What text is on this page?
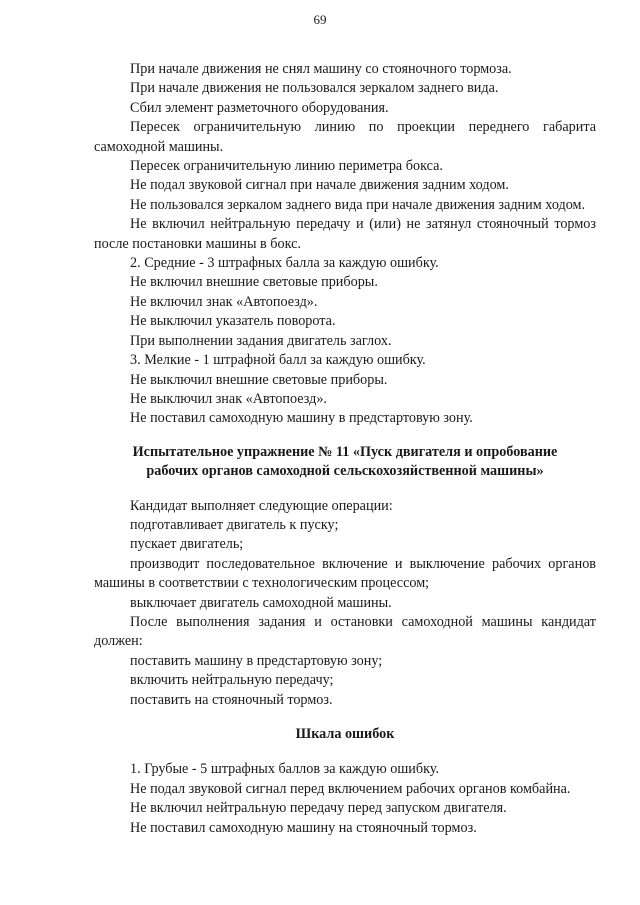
69

При начале движения не снял машину со стояночного тормоза.

При начале движения не пользовался зеркалом заднего вида.

Сбил элемент разметочного оборудования.

Пересек ограничительную линию по проекции переднего габарита самоходной машины.

Пересек ограничительную линию периметра бокса.

Не подал звуковой сигнал при начале движения задним ходом.

Не пользовался зеркалом заднего вида при начале движения задним ходом.

Не включил нейтральную передачу и (или) не затянул стояночный тормоз после постановки машины в бокс.

2. Средние - 3 штрафных балла за каждую ошибку.

Не включил внешние световые приборы.

Не включил знак «Автопоезд».

Не выключил указатель поворота.

При выполнении задания двигатель заглох.

3. Мелкие - 1 штрафной балл за каждую ошибку.

Не выключил внешние световые приборы.

Не выключил знак «Автопоезд».

Не поставил самоходную машину в предстартовую зону.

Испытательное упражнение № 11 «Пуск двигателя и опробование
рабочих органов самоходной сельскохозяйственной машины»

Кандидат выполняет следующие операции:

подготавливает двигатель к пуску;

пускает двигатель;

производит последовательное включение и выключение рабочих органов машины в соответствии с технологическим процессом;

выключает двигатель самоходной машины.

После выполнения задания и остановки самоходной машины кандидат должен:

поставить машину в предстартовую зону;

включить нейтральную передачу;

поставить на стояночный тормоз.

Шкала ошибок

1. Грубые - 5 штрафных баллов за каждую ошибку.

Не подал звуковой сигнал перед включением рабочих органов комбайна.

Не включил нейтральную передачу перед запуском двигателя.

Не поставил самоходную машину на стояночный тормоз.
